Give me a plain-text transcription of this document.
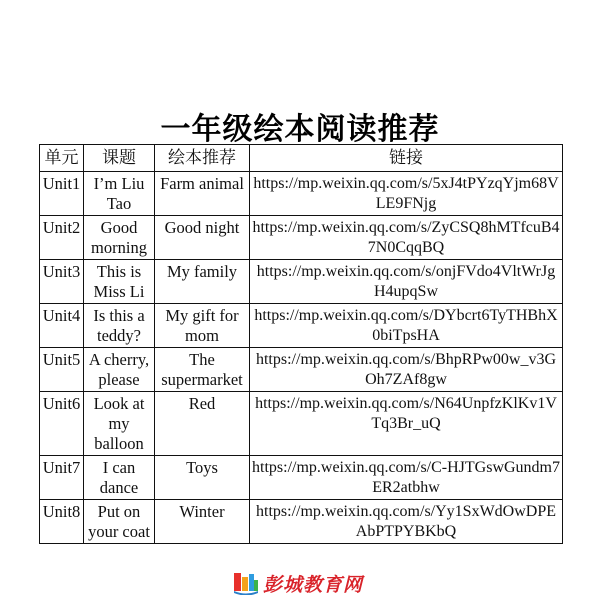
一年级绘本阅读推荐
单元	课题	绘本推荐	链接
Unit1	I’m Liu Tao	Farm animal	https://mp.weixin.qq.com/s/5xJ4tPYzqYjm68VLE9FNjg
Unit2	Good morning	Good night	https://mp.weixin.qq.com/s/ZyCSQ8hMTfcuB47N0CqqBQ
Unit3	This is Miss Li	My family	https://mp.weixin.qq.com/s/onjFVdo4VltWrJgH4upqSw
Unit4	Is this a teddy?	My gift for mom	https://mp.weixin.qq.com/s/DYbcrt6TyTHBhX0biTpsHA
Unit5	A cherry, please	The supermarket	https://mp.weixin.qq.com/s/BhpRPw00w_v3GOh7ZAf8gw
Unit6	Look at my balloon	Red	https://mp.weixin.qq.com/s/N64UnpfzKlKv1VTq3Br_uQ
Unit7	I can dance	Toys	https://mp.weixin.qq.com/s/C-HJTGswGundm7ER2atbhw
Unit8	Put on your coat	Winter	https://mp.weixin.qq.com/s/Yy1SxWdOwDPEAbPTPYBKbQ
彭城教育网
